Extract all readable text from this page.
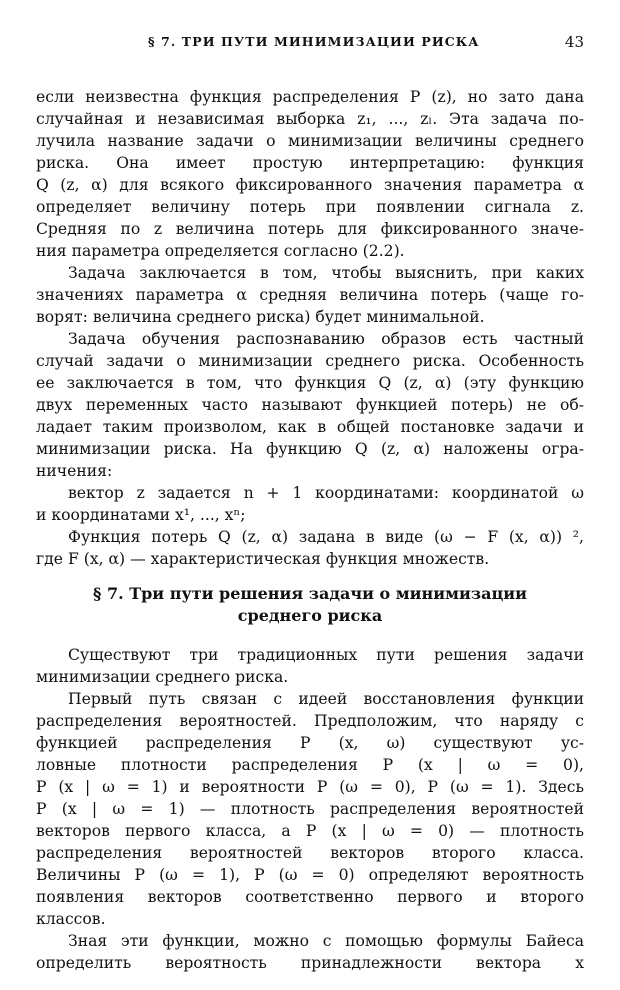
§ 7. ТРИ ПУТИ МИНИМИЗАЦИИ РИСКА	43
если неизвестна функция распределения P (z), но зато дана
случайная и независимая выборка z₁, ..., zₗ. Эта задача по-
лучила название задачи о минимизации величины среднего
риска. Она имеет простую интерпретацию: функция
Q (z, α) для всякого фиксированного значения параметра α
определяет величину потерь при появлении сигнала z.
Средняя по z величина потерь для фиксированного значе-
ния параметра определяется согласно (2.2).
Задача заключается в том, чтобы выяснить, при каких
значениях параметра α средняя величина потерь (чаще го-
ворят: величина среднего риска) будет минимальной.
Задача обучения распознаванию образов есть частный
случай задачи о минимизации среднего риска. Особенность
ее заключается в том, что функция Q (z, α) (эту функцию
двух переменных часто называют функцией потерь) не об-
ладает таким произволом, как в общей постановке задачи и
минимизации риска. На функцию Q (z, α) наложены огра-
ничения:
вектор z задается n + 1 координатами: координатой ω
и координатами x¹, ..., xⁿ;
Функция потерь Q (z, α) задана в виде (ω − F (x, α)) ²,
где F (x, α) — характеристическая функция множеств.
§ 7. Три пути решения задачи о минимизации
среднего риска
Существуют три традиционных пути решения задачи
минимизации среднего риска.
Первый путь связан с идеей восстановления функции
распределения вероятностей. Предположим, что наряду с
функцией распределения P (x, ω) существуют ус-
ловные плотности распределения P (x | ω = 0),
P (x | ω = 1) и вероятности P (ω = 0), P (ω = 1). Здесь
P (x | ω = 1) — плотность распределения вероятностей
векторов первого класса, а P (x | ω = 0) — плотность
распределения вероятностей векторов второго класса.
Величины P (ω = 1), P (ω = 0) определяют вероятность
появления векторов соответственно первого и второго
классов.
Зная эти функции, можно с помощью формулы Байеса
определить вероятность принадлежности вектора x
